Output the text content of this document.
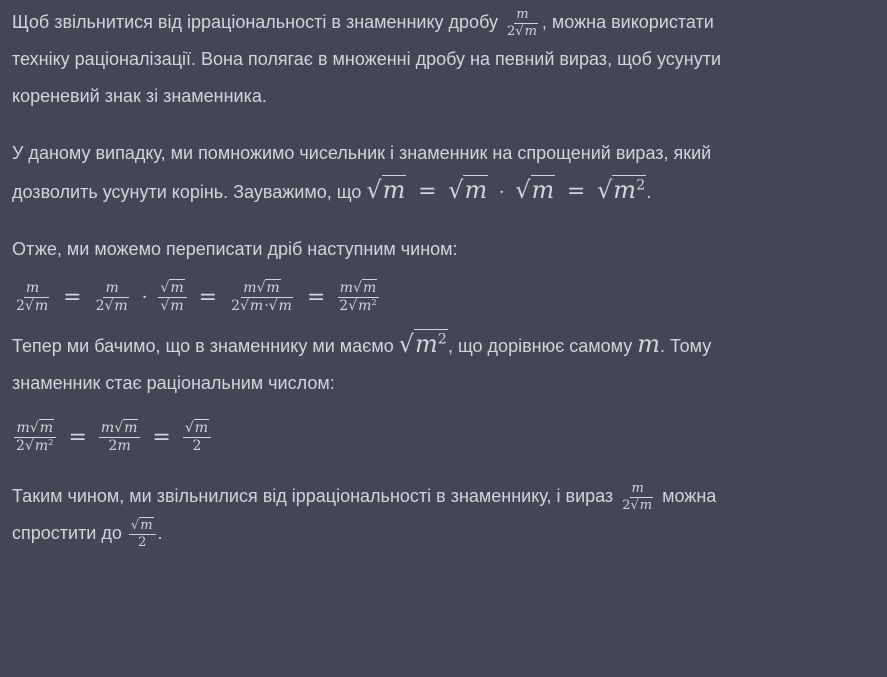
Щоб звільнитися від ірраціональності в знаменнику дробу $\frac{m}{2√m}$ , можна використати

техніку раціоналізації. Вона полягає в множенні дробу на певний вираз, щоб усунути

кореневий знак зі знаменника.

У даному випадку, ми помножимо чисельник і знаменник на спрощений вираз, який

дозволить усунути корінь. Зауважимо, що $√m = √m \cdot √m = √m^2$.

Отже, ми можемо переписати дріб наступним чином:

$\frac{m}{2√m} = \frac{m}{2√m} \cdot \frac{√m}{√m} = \frac{m√m}{2√m\cdot√m} = \frac{m√m}{2√m^2}$

Тепер ми бачимо, що в знаменнику ми маємо $√m^2$, що дорівнює самому m. Тому

знаменник стає раціональним числом:

$\frac{m√m}{2√m^2} = \frac{m√m}{2m} = \frac{√m}{2}$

Таким чином, ми звільнилися від ірраціональності в знаменнику, і вираз $\frac{m}{2√m}$ можна

спростити до $\frac{√m}{2}$ .
